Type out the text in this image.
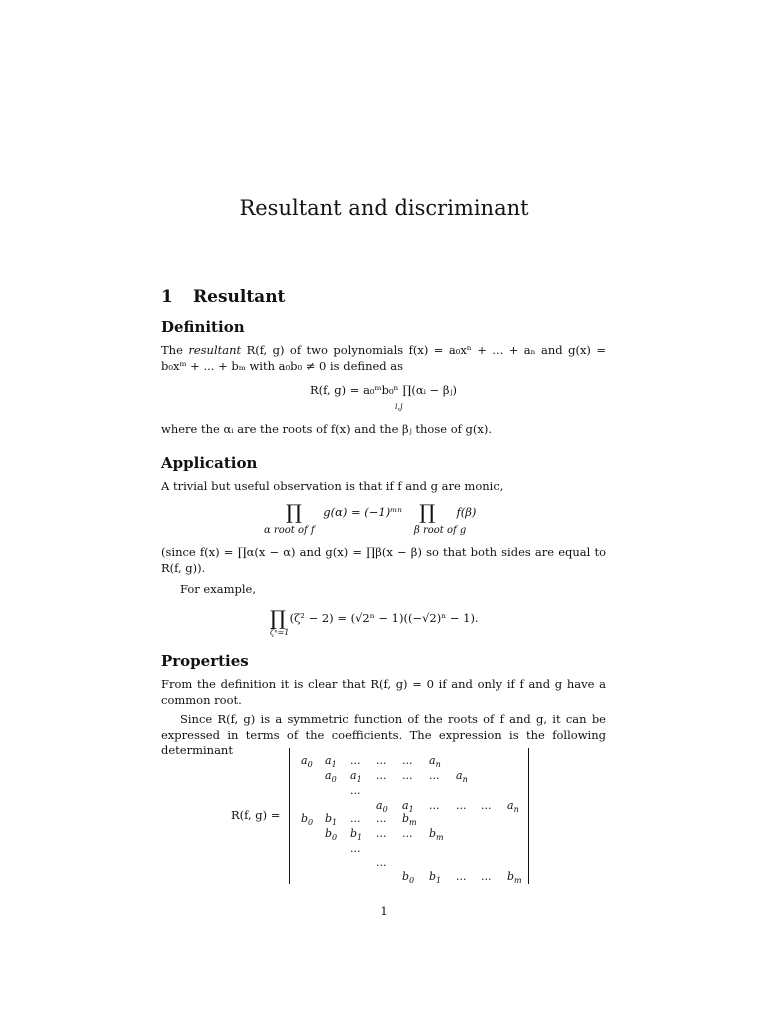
Resultant and discriminant
1 Resultant
Definition
The resultant R(f, g) of two polynomials f(x) = a₀xⁿ + ... + aₙ and g(x) = b₀xᵐ + ... + bₘ with a₀b₀ ≠ 0 is defined as
R(f, g) = a₀ᵐb₀ⁿ ∏(αᵢ − βⱼ)
i,j
where the αᵢ are the roots of f(x) and the βⱼ those of g(x).
Application
A trivial but useful observation is that if f and g are monic,
∏ g(α) = (−1)ᵐⁿ ∏ f(β)
α root of f	β root of g
(since f(x) = ∏α(x − α) and g(x) = ∏β(x − β) so that both sides are equal to R(f, g)).
For example,
∏ (ζ² − 2) = (√2ⁿ − 1)((−√2)ⁿ − 1).
ζⁿ=1
Properties
From the definition it is clear that R(f, g) = 0 if and only if f and g have a common root.
Since R(f, g) is a symmetric function of the roots of f and g, it can be expressed in terms of the coefficients. The expression is the following determinant
R(f, g) =
$a_0$ $a_1$ ... ... ... $a_n$
$a_0$ $a_1$ ... ... ... $a_n$
...
$a_0$ $a_1$ ... ... ... $a_n$
$b_0$ $b_1$ ... ... $b_m$
$b_0$ $b_1$ ... ... $b_m$
...
...
$b_0$ $b_1$ ... ... $b_m$
1
